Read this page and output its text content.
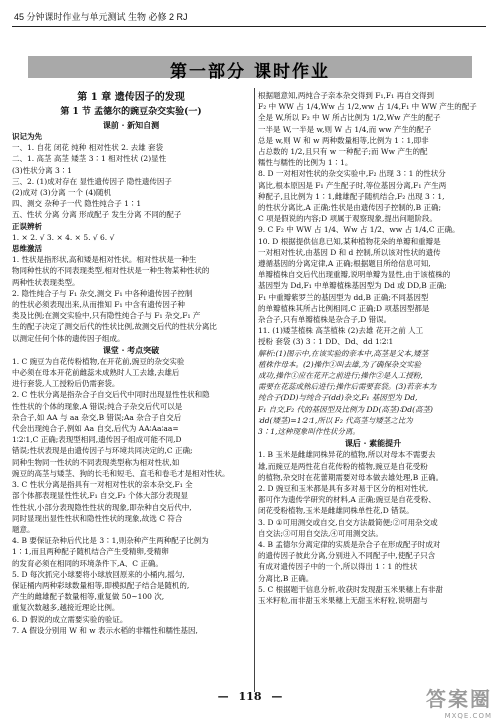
45 分钟课时作业与单元测试 生物 必修 2 RJ
第一部分 课时作业
第 1 章 遗传因子的发现
第 1 节 孟德尔的豌豆杂交实验(一)
课前 · 新知自测
识记为先
一、1. 自花 闭花 纯种 相对性状 2. 去雄 套袋
二、1. 高茎 高茎 矮茎 3∶1 相对性状 (2)显性
(3)性状分离 3∶1
三、2. (1)成对存在 显性遗传因子 隐性遗传因子
(2)成对 (3)分离 一个 (4)随机
四、测交 杂种子一代 隐性纯合子 1∶1
五、性状 分离 分离 形成配子 发生分离 不同的配子
正误辨析
1. × 2. √ 3. × 4. × 5. √ 6. √
思维激活
1. 性状是指形状,高和矮是相对性状。相对性状是一种生
物同种性状的不同表现类型,相对性状是一种生物某种性状的
两种性状表现类型。
2. 隐性纯合子与 F₁ 杂交,测交 F₁ 中各种遗传因子控制
的性状必须表现出来,从而推知 F₁ 中含有遗传因子种
类及比例;在测交实验中,只有隐性纯合子与 F₁ 杂交,F₁ 产
生的配子决定了测交后代的性状比例,故测交后代的性状分离比
以测定任何个体的遗传因子组成。
课堂 · 考点突破
1. C 豌豆为自花传粉植物,在开花前,豌豆的杂交实验
中必须在母本开花前雌蕊未成熟时人工去雄,去雄后
进行套袋,人工授粉后仍需套袋。
2. C 性状分离是指杂合子自交后代中同时出现显性性状和隐
性性状的个体的现象,A 错误;纯合子杂交后代可以是
杂合子,如 AA 与 aa 杂交,B 错误;Aa 杂合子自交后
代会出现纯合子,例如 Aa 自交,后代为 AA∶Aa∶aa=
1∶2∶1,C 正确;表现型相同,遗传因子组成可能不同,D
错误;性状表现是由遗传因子与环境共同决定的,C 正确;
同种生物同一性状的不同表现类型称为相对性状,如
豌豆的高茎与矮茎、狗的长毛和短毛、直毛和卷毛才是相对性状。
3. C 性状分离是指具有一对相对性状的亲本杂交,F₁ 全
部个体都表现显性性状,F₁ 自交,F₂ 个体大部分表现显
性性状,小部分表现隐性性状的现象,即杂种自交后代中,
同时显现出显性性状和隐性性状的现象,故选 C 符合
题意。
4. B 要保证杂种后代比是 3∶1,则杂种产生两种配子比例为
1∶1,而且两种配子随机结合产生受精卵,受精卵
的发育必须在相同的环境条件下,A、C 正确。
5. D 每次抓完小球要将小球放回原来的小桶内,摇匀,
保证桶内两种彩球数量相等,即模拟配子结合是随机的,
产生的雌雄配子数量相等,重复做 50~100 次,
重复次数越多,越接近理论比例。
6. D 假说的成立需要实验的验证。
7. A 假设分别用 W 和 w 表示水稻的非糯性和糯性基因,
根据题意知,两纯合子亲本杂交得到 F₁,F₁ 再自交得到
F₂ 中 WW 占 1/4,Ww 占 1/2,ww 占 1/4,F₁ 中 WW 产生的配子
全是 W,所以 F₂ 中 W 所占比例为 1/2,Ww 产生的配子
一半是 W,一半是 w,则 W 占 1/4,而 ww 产生的配子
总是 w,则 W 和 w 两种数量相等,比例为 1∶1,即非
占总数的 1/2,且只有 w 一种配子;而 Ww 产生的配
糯性与糯性的比例为 1∶1。
8. D 一对相对性状的杂交实验中,F₂ 出现 3∶1 的性状分
离比,根本原因是 F₁ 产生配子时,等位基因分离,F₁ 产生两
种配子,且比例为 1∶1,雌雄配子随机结合,F₂ 出现 3∶1,
的性状分离比,A 正确;性状是由遗传因子控制的,B 正确;
C 项是假说的内容;D 项属于观察现象,提出问题阶段。
9. C F₂ 中 WW 占 1/4、Ww 占 1/2、ww 占 1/4,C 正确。
10. D 根据提供信息已知,某种植物花朵的单瓣和重瓣是
一对相对性状,由基因 D 和 d 控制,所以该对性状的遗传
遵循基因的分离定律,A 正确;根据题目所给信息可知,
单瓣植株自交后代出现重瓣,说明单瓣为显性,由于该植株的
基因型为 Dd,F₁ 中单瓣植株基因型为 Dd 或 DD,B 正确;
F₁ 中重瓣紫罗兰的基因型为 dd,B 正确;不同基因型
的单瓣植株其所占比例相同,C 正确;D 项基因型都是
杂合子,只有单瓣植株是杂合子,D 错误。
11. (1)矮茎植株 高茎植株 (2)去雄 花开之前 人工
授粉 套袋 (3) 3∶1 DD、Dd、dd 1∶2∶1
解析:(1)图示中,在该实验的亲本中,高茎是父本,矮茎
植株作母本。(2)操作①叫去雄,为了确保杂交实验
成功,操作①应在花开之前进行;操作②是人工授粉,
需要在花蕊成熟后进行;操作后需要套袋。(3)若亲本为
纯合子(DD)与纯合子(dd)杂交,F₁ 基因型为 Dd,
F₁ 自交,F₂ 代的基因型及比例为 DD(高茎)∶Dd(高茎)
∶dd(矮茎)=1∶2∶1,所以 F₂ 代高茎与矮茎之比为
3∶1,这种现象叫作性状分离。
课后 · 素能提升
1. B 玉米是雌雄同株异花的植物,所以对母本不需要去
雄,而豌豆是两性花自花传粉的植物,豌豆是自花受粉
的植物,杂交时在花蕾期需要对母本做去雄处理,B 正确。
2. D 豌豆和玉米都是具有多对易于区分的相对性状,
都可作为遗传学研究的材料,A 正确;豌豆是自花受粉、
闭花受粉植物,玉米是雌雄同株单性花,D 错误。
3. D ①可用测交或自交,自交方法最简便;②可用杂交或
自交法;③可用自交法,④可用测交法。
4. B 孟德尔分离定律的实质是杂合子在形成配子时成对
的遗传因子彼此分离,分别进入不同配子中,使配子只含
有成对遗传因子中的一个,所以得出 1∶1 的性状
分离比,B 正确。
5. C 根据题干信息分析,收获时发现甜玉米果穗上有非甜
玉米籽粒,而非甜玉米果穗上无甜玉米籽粒,说明甜与
— 118 —	答案圈
MXQE.COM
